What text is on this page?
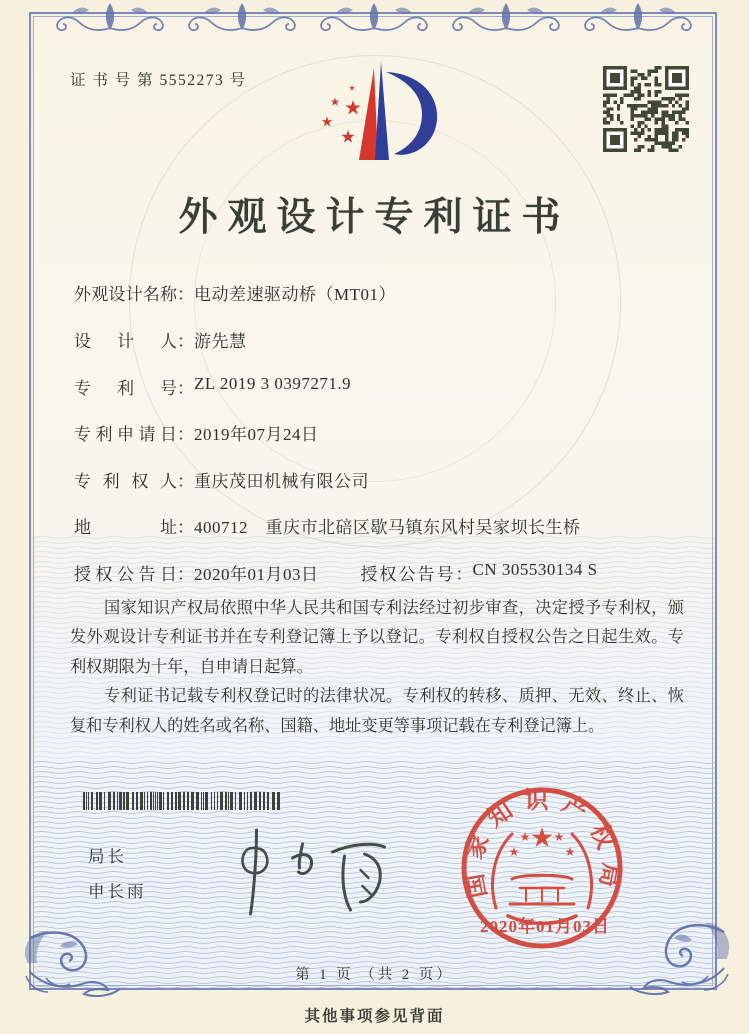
证 书 号 第 5552273 号
外观设计专利证书
外观设计名称：电动差速驱动桥（MT01）
设计人：游先慧
专利号：ZL 2019 3 0397271.9
专利申请日：2019年07月24日
专利权人：重庆茂田机械有限公司
地址：400712　重庆市北碚区歇马镇东风村吴家坝长生桥
授权公告日：2020年01月03日 授权公告号：CN 305530134 S

国家知识产权局依照中华人民共和国专利法经过初步审查，决定授予专利权，颁发外观设计专利证书并在专利登记簿上予以登记。专利权自授权公告之日起生效。专利权期限为十年，自申请日起算。

专利证书记载专利权登记时的法律状况。专利权的转移、质押、无效、终止、恢复和专利权人的姓名或名称、国籍、地址变更等事项记载在专利登记簿上。

局长
申长雨	国家知识产权局
2020年01月03日
第 1 页 （共 2 页）
其他事项参见背面
